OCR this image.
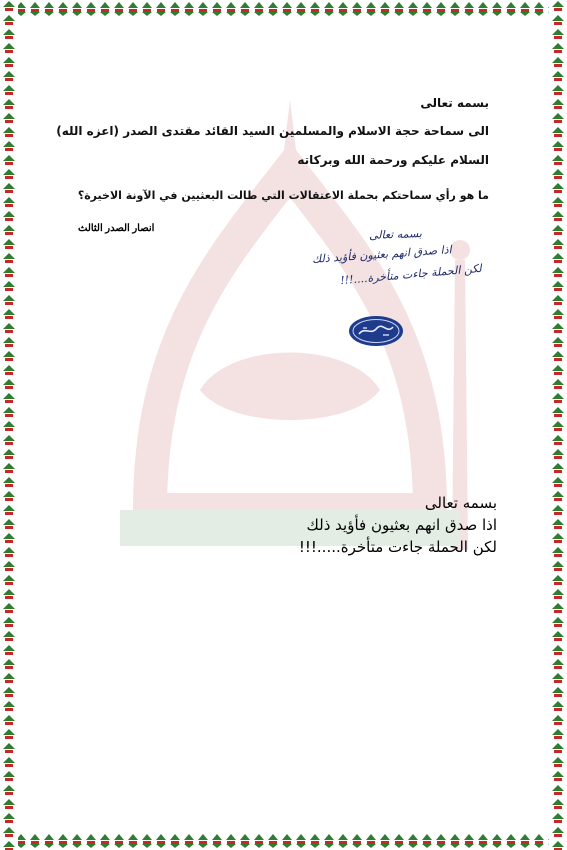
بسمه تعالى
الى سماحة حجة الاسلام والمسلمين السيد القائد مقتدى الصدر (اعزه الله)
السلام عليكم ورحمة الله وبركاته
ما هو رأي سماحتكم بحملة الاعتقالات التي طالت البعثيين في الآونة الاخيرة؟
انصار الصدر الثالث	بسمه تعالى
اذا صدق انهم بعثيون فأؤيد ذلك
لكن الحملة جاءت متأخرة....!!!
بسمه تعالى
اذا صدق انهم بعثيون فأؤيد ذلك
لكن الحملة جاءت متأخرة.....!!!
